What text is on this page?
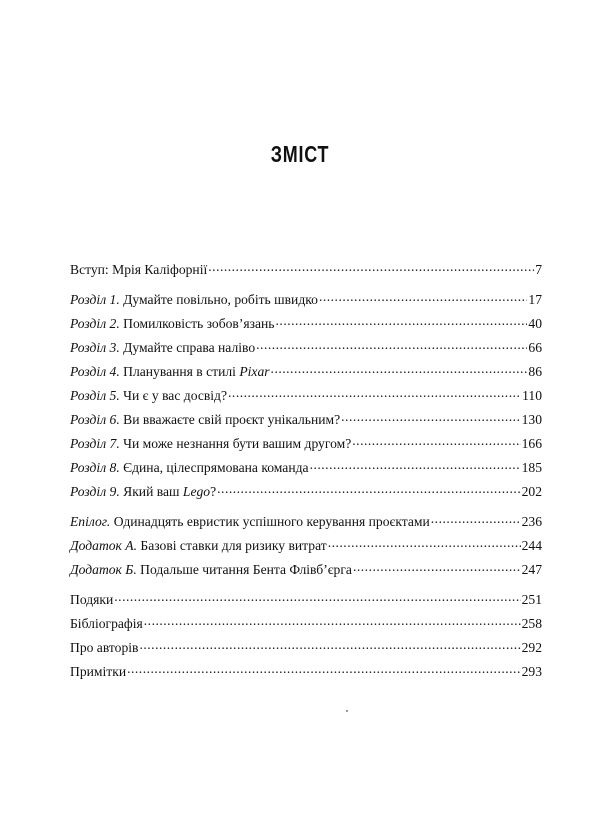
ЗМІСТ
Вступ: Мрія Каліфорнії .....	7
Розділ 1. Думайте повільно, робіть швидко .....	17
Розділ 2. Помилковість зобов’язань .....	40
Розділ 3. Думайте справа наліво .....	66
Розділ 4. Планування в стилі Pixar .....	86
Розділ 5. Чи є у вас досвід? .....	110
Розділ 6. Ви вважаєте свій проєкт унікальним? .....	130
Розділ 7. Чи може незнання бути вашим другом? .....	166
Розділ 8. Єдина, цілеспрямована команда .....	185
Розділ 9. Який ваш Lego? .....	202
Епілог. Одинадцять евристик успішного керування проєктами .....	236
Додаток А. Базові ставки для ризику витрат .....	244
Додаток Б. Подальше читання Бента Флівб’єрга .....	247
Подяки .....	251
Бібліографія .....	258
Про авторів .....	292
Примітки .....	293
